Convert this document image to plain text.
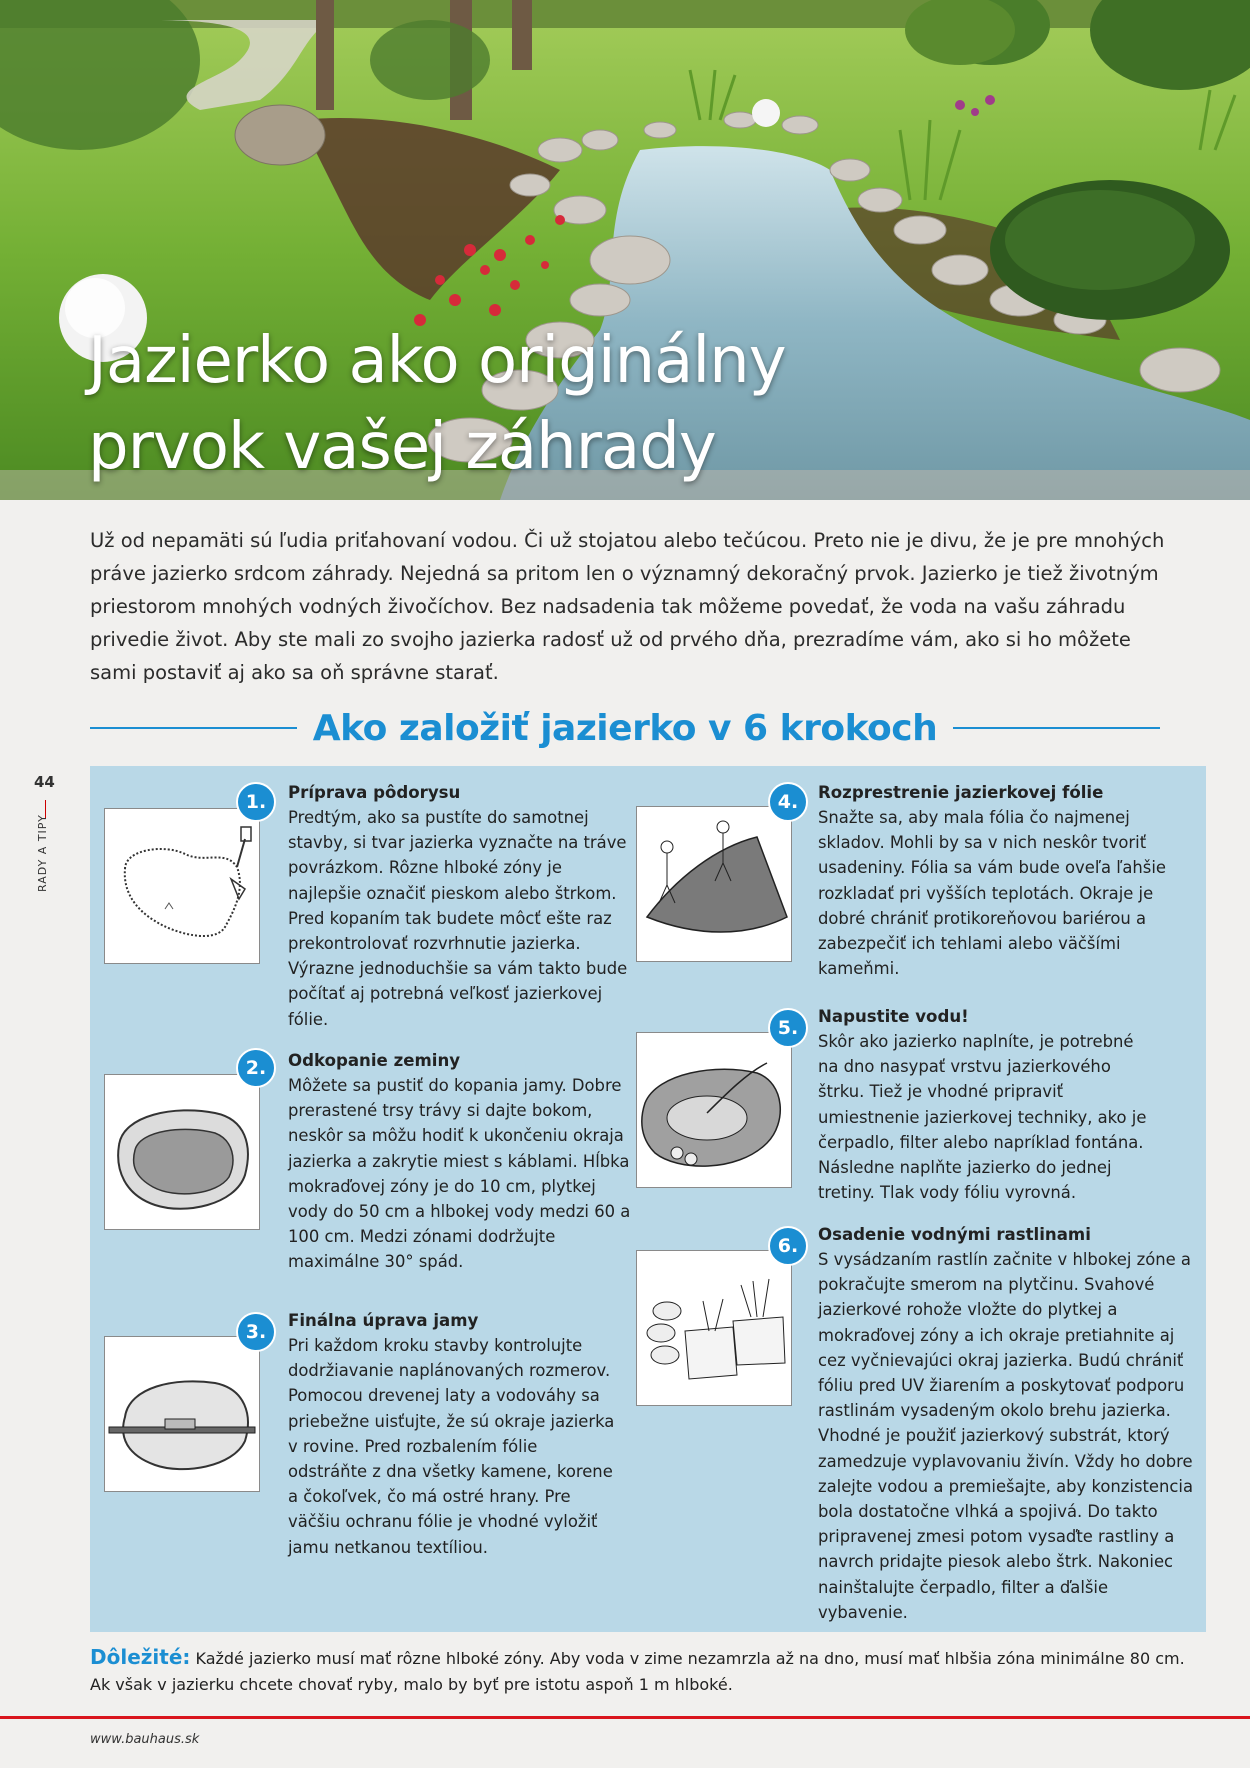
Jazierko ako originálny
prvok vašej záhrady

Už od nepamäti sú ľudia priťahovaní vodou. Či už stojatou alebo tečúcou. Preto nie je divu, že je pre mnohých práve jazierko srdcom záhrady. Nejedná sa pritom len o významný dekoračný prvok. Jazierko je tiež životným priestorom mnohých vodných živočíchov. Bez nadsadenia tak môžeme povedať, že voda na vašu záhradu privedie život. Aby ste mali zo svojho jazierka radosť už od prvého dňa, prezradíme vám, ako si ho môžete sami postaviť aj ako sa oň správne starať.

Ako založiť jazierko v 6 krokoch
44
RADY A TIPY
1.	Príprava pôdorysu

Predtým, ako sa pustíte do samotnej stavby, si tvar jazierka vyznačte na tráve povrázkom. Rôzne hlboké zóny je najlepšie označiť pieskom alebo štrkom. Pred kopaním tak budete môcť ešte raz prekontrolovať rozvrhnutie jazierka. Výrazne jednoduchšie sa vám takto bude počítať aj potrebná veľkosť jazierkovej fólie.

2.	Odkopanie zeminy

Môžete sa pustiť do kopania jamy. Dobre prerastené trsy trávy si dajte bokom, neskôr sa môžu hodiť k ukončeniu okraja jazierka a zakrytie miest s káblami. Hĺbka mokraďovej zóny je do 10 cm, plytkej vody do 50 cm a hlbokej vody medzi 60 a 100 cm. Medzi zónami dodržujte maximálne 30° spád.

3.
Finálna úprava jamy

Pri každom kroku stavby kontrolujte dodržiavanie naplánovaných rozmerov. Pomocou drevenej laty a vodováhy sa priebežne uisťujte, že sú okraje jazierka v rovine. Pred rozbalením fólie odstráňte z dna všetky kamene, korene a čokoľvek, čo má ostré hrany. Pre väčšiu ochranu fólie je vhodné vyložiť jamu netkanou textíliou.

4.	Rozprestrenie jazierkovej fólie

Snažte sa, aby mala fólia čo najmenej skladov. Mohli by sa v nich neskôr tvoriť usadeniny. Fólia sa vám bude oveľa ľahšie rozkladať pri vyšších teplotách. Okraje je dobré chrániť protikoreňovou bariérou a zabezpečiť ich tehlami alebo väčšími kameňmi.

5.
Napustite vodu!

Skôr ako jazierko naplníte, je potrebné na dno nasypať vrstvu jazierkového štrku. Tiež je vhodné pripraviť umiestnenie jazierkovej techniky, ako je čerpadlo, filter alebo napríklad fontána. Následne naplňte jazierko do jednej tretiny. Tlak vody fóliu vyrovná.

6.
Osadenie vodnými rastlinami

S vysádzaním rastlín začnite v hlbokej zóne a pokračujte smerom na plytčinu. Svahové jazierkové rohože vložte do plytkej a mokraďovej zóny a ich okraje pretiahnite aj cez vyčnievajúci okraj jazierka. Budú chrániť fóliu pred UV žiarením a poskytovať podporu rastlinám vysadeným okolo brehu jazierka. Vhodné je použiť jazierkový substrát, ktorý zamedzuje vyplavovaniu živín. Vždy ho dobre zalejte vodou a premiešajte, aby konzistencia bola dostatočne vlhká a spojivá. Do takto pripravenej zmesi potom vysaďte rastliny a navrch pridajte piesok alebo štrk. Nakoniec nainštalujte čerpadlo, filter a ďalšie vybavenie.

Dôležité: Každé jazierko musí mať rôzne hlboké zóny. Aby voda v zime nezamrzla až na dno, musí mať hlbšia zóna minimálne 80 cm. Ak však v jazierku chcete chovať ryby, malo by byť pre istotu aspoň 1 m hlboké.

www.bauhaus.sk
